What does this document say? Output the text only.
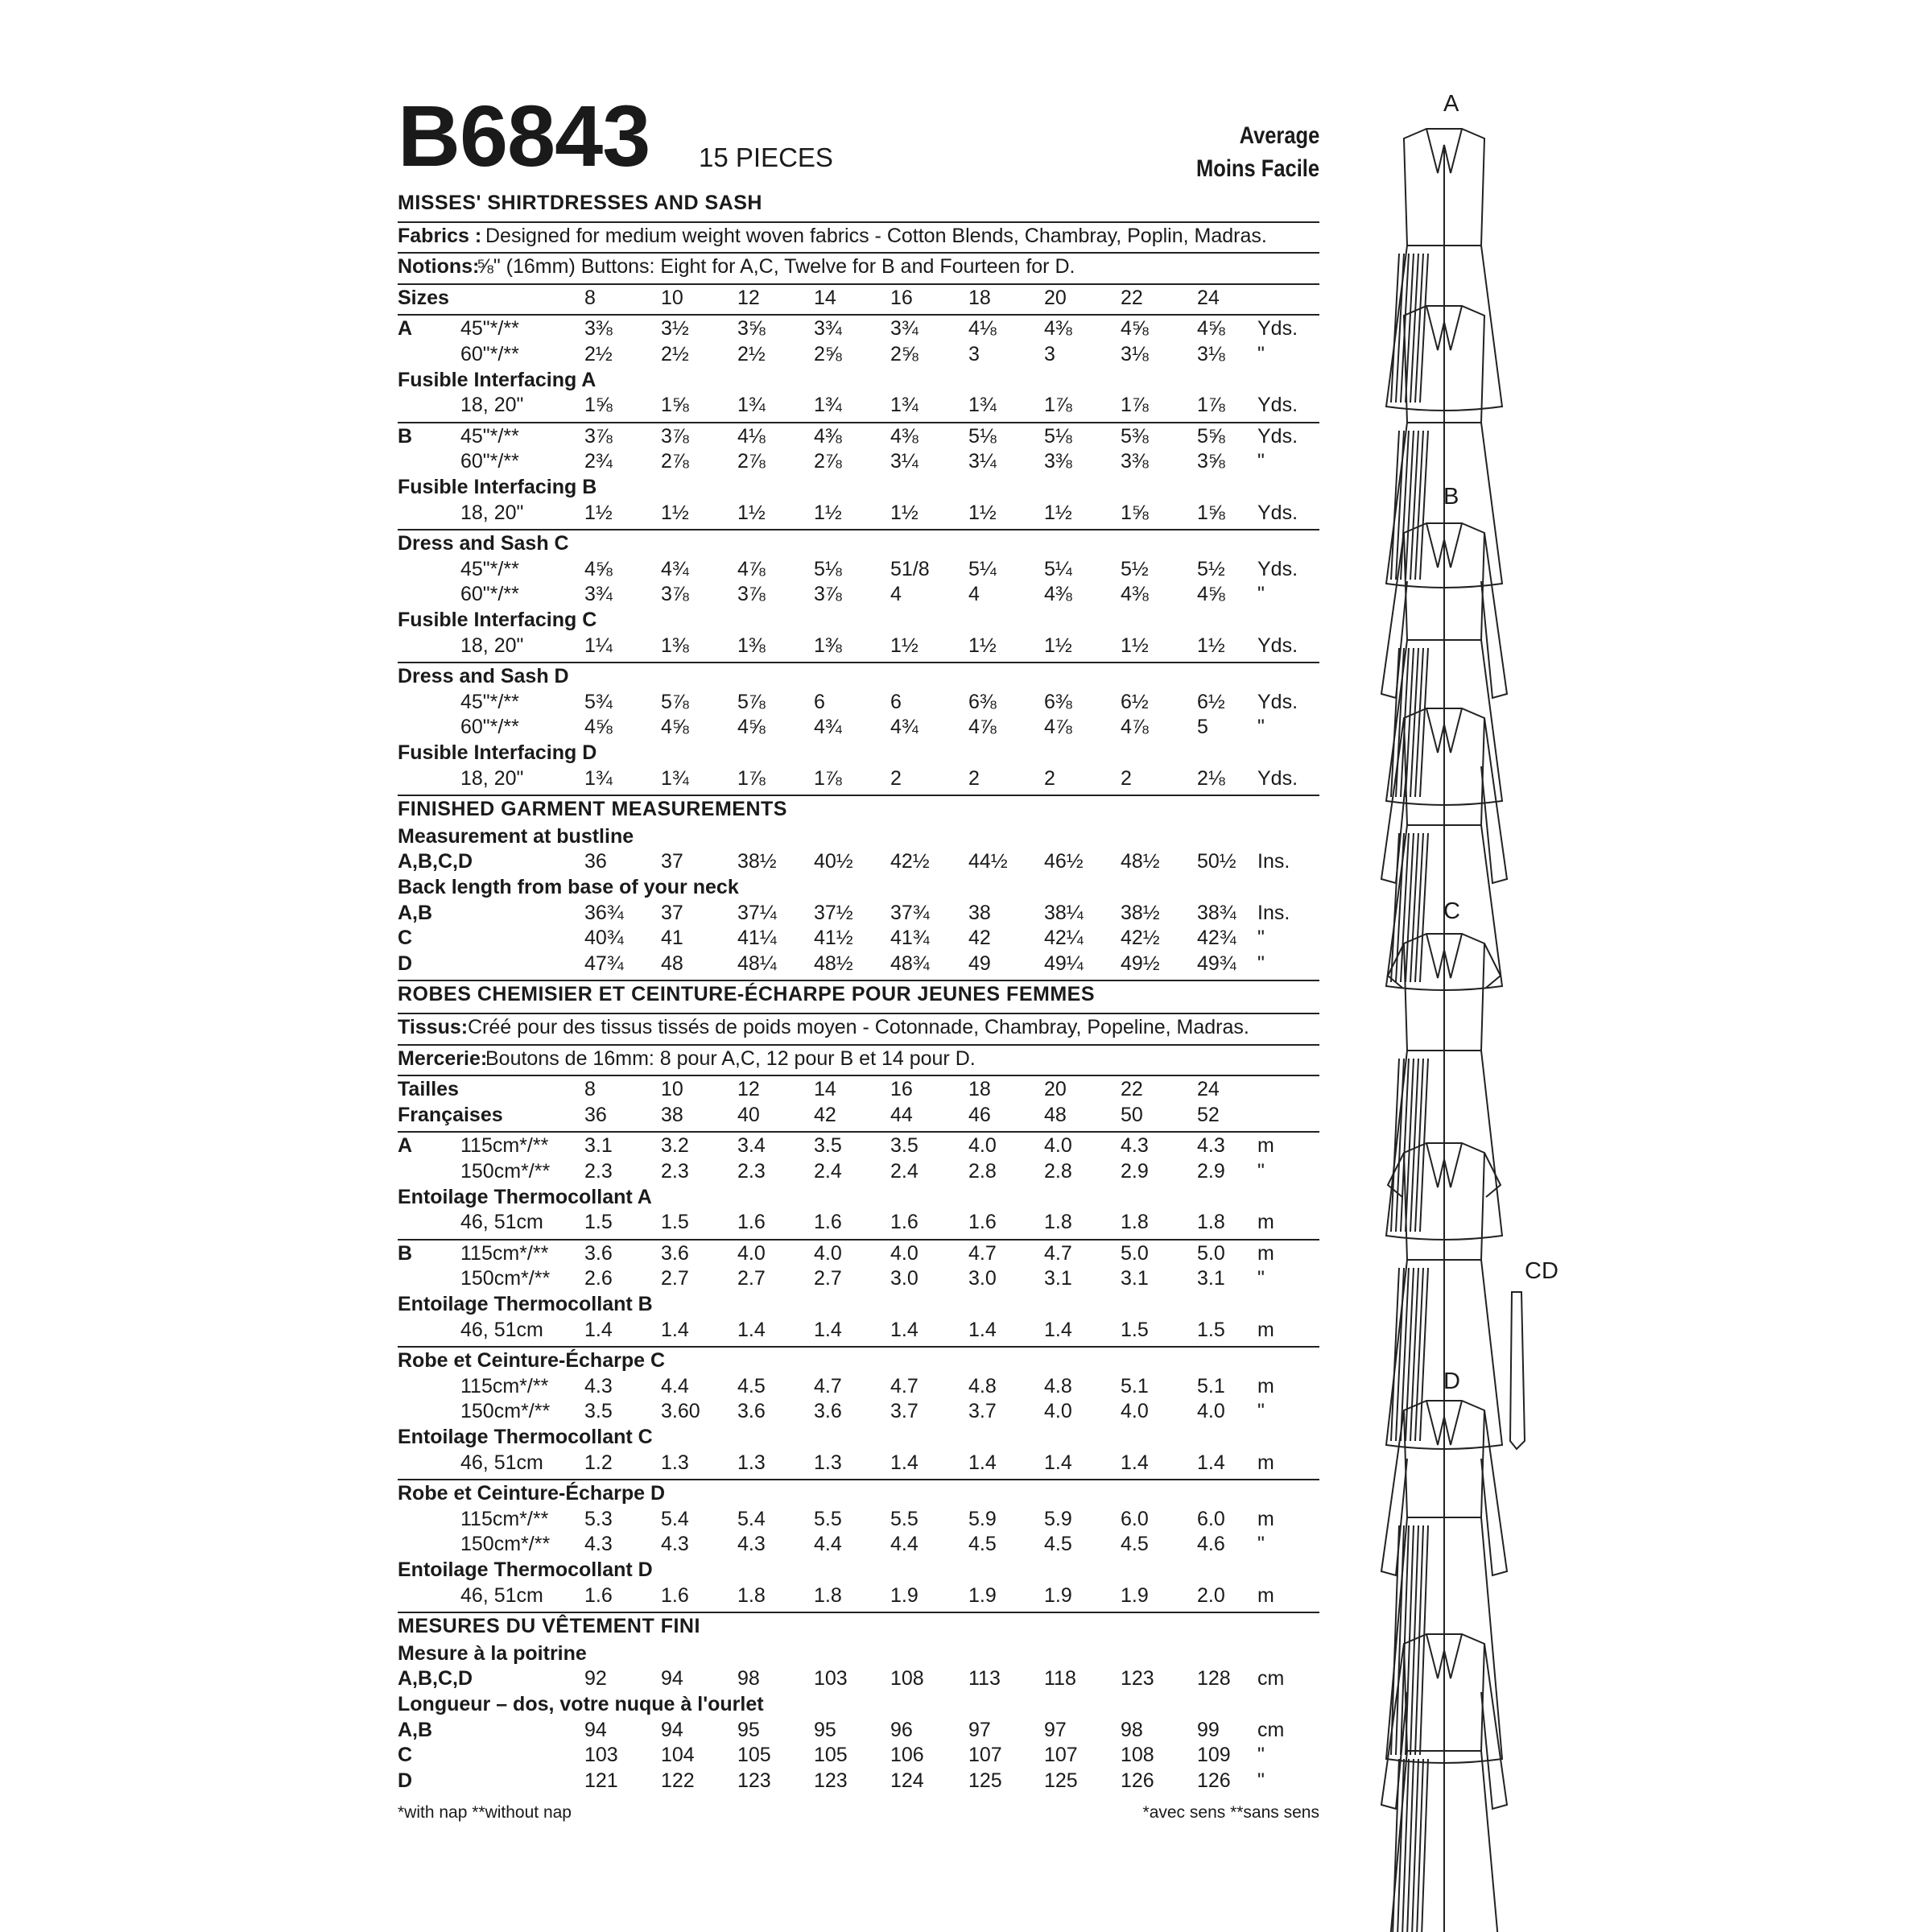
B6843 15 PIECES
Average
Moins Facile
MISSES' SHIRTDRESSES AND SASH
Fabrics : Designed for medium weight woven fabrics - Cotton Blends, Chambray, Poplin, Madras.
Notions:
⅝" (16mm) Buttons: Eight for A,C, Twelve for B and Fourteen for D.
Sizes	8	10	12	14	16	18	20	22	24
A 45"*/**	3⅜ 3½ 3⅝ 3¾ 3¾ 4⅛ 4⅜ 4⅝ 4⅝ Yds.
60"*/**	2½ 2½ 2½ 2⅝ 2⅝ 3	3	3⅛ 3⅛ "
Fusible Interfacing A
18, 20"	1⅝ 1⅝ 1¾ 1¾ 1¾ 1¾ 1⅞ 1⅞ 1⅞ Yds.
B 45"*/**	3⅞ 3⅞ 4⅛ 4⅜ 4⅜ 5⅛ 5⅛ 5⅜ 5⅝ Yds.
60"*/**	2¾ 2⅞ 2⅞ 2⅞ 3¼ 3¼ 3⅜ 3⅜ 3⅝ "
Fusible Interfacing B
18, 20"	1½ 1½ 1½ 1½ 1½ 1½ 1½ 1⅝ 1⅝ Yds.
Dress and Sash C
45"*/**	4⅝ 4¾ 4⅞ 5⅛ 51/8 5¼ 5¼ 5½ 5½ Yds.
60"*/**	3¾ 3⅞ 3⅞ 3⅞ 4	4	4⅜ 4⅜ 4⅝ "
Fusible Interfacing C
18, 20"	1¼ 1⅜ 1⅜ 1⅜ 1½ 1½ 1½ 1½ 1½ Yds.
Dress and Sash D
45"*/**	5¾ 5⅞ 5⅞ 6	6	6⅜ 6⅜ 6½ 6½ Yds.
60"*/**	4⅝ 4⅝ 4⅝ 4¾ 4¾ 4⅞ 4⅞ 4⅞ 5 "
Fusible Interfacing D
18, 20"	1¾ 1¾ 1⅞ 1⅞ 2	2	2	2	2⅛ Yds.
FINISHED GARMENT MEASUREMENTS
Measurement at bustline
A,B,C,D	36	37	38½ 40½ 42½ 44½ 46½ 48½ 50½ Ins.
Back length from base of your neck
A,B	36¾ 37	37¼ 37½ 37¾ 38	38¼ 38½ 38¾ Ins.
C	40¾ 41	41¼ 41½ 41¾ 42	42¼ 42½ 42¾ "
D	47¾ 48	48¼ 48½ 48¾ 49	49¼ 49½ 49¾ "
ROBES CHEMISIER ET CEINTURE-ÉCHARPE POUR JEUNES FEMMES
Tissus: Créé pour des tissus tissés de poids moyen - Cotonnade, Chambray, Popeline, Madras.
Mercerie:
Boutons de 16mm: 8 pour A,C, 12 pour B et 14 pour D.
Tailles	8	10	12	14	16	18	20	22	24
Françaises	36	38	40	42	44	46	48	50	52
A 115cm*/** 3.1 3.2 3.4 3.5 3.5 4.0 4.0 4.3 4.3 m
150cm*/** 2.3 2.3 2.3 2.4 2.4 2.8 2.8 2.9 2.9 "
Entoilage Thermocollant A
46, 51cm 1.5 1.5 1.6 1.6 1.6 1.6 1.8 1.8 1.8 m
B 115cm*/** 3.6 3.6 4.0 4.0 4.0 4.7 4.7 5.0 5.0 m
150cm*/** 2.6 2.7 2.7 2.7 3.0 3.0 3.1 3.1 3.1 "
Entoilage Thermocollant B
46, 51cm 1.4 1.4 1.4 1.4 1.4 1.4 1.4 1.5 1.5 m
Robe et Ceinture-Écharpe C
115cm*/** 4.3 4.4 4.5 4.7 4.7 4.8 4.8 5.1 5.1 m
150cm*/** 3.5 3.60 3.6 3.6 3.7 3.7 4.0 4.0 4.0 "
Entoilage Thermocollant C
46, 51cm 1.2 1.3 1.3 1.3 1.4 1.4 1.4 1.4 1.4 m
Robe et Ceinture-Écharpe D
115cm*/** 5.3 5.4 5.4 5.5 5.5 5.9 5.9 6.0 6.0 m
150cm*/** 4.3 4.3 4.3 4.4 4.4 4.5 4.5 4.5 4.6 "
Entoilage Thermocollant D
46, 51cm 1.6 1.6 1.8 1.8 1.9 1.9 1.9 1.9 2.0 m
MESURES DU VÊTEMENT FINI
Mesure à la poitrine
A,B,C,D	92	94	98	103 108 113 118 123 128 cm
Longueur – dos, votre nuque à l'ourlet
A,B	94	94	95	95	96	97	97	98	99 cm
C	103 104 105 105 106 107 107 108 109 "
D	121 122 123 123 124 125 125 126 126 "
*with nap **without nap	*avec sens **sans sens
A
B
C
CD
D
